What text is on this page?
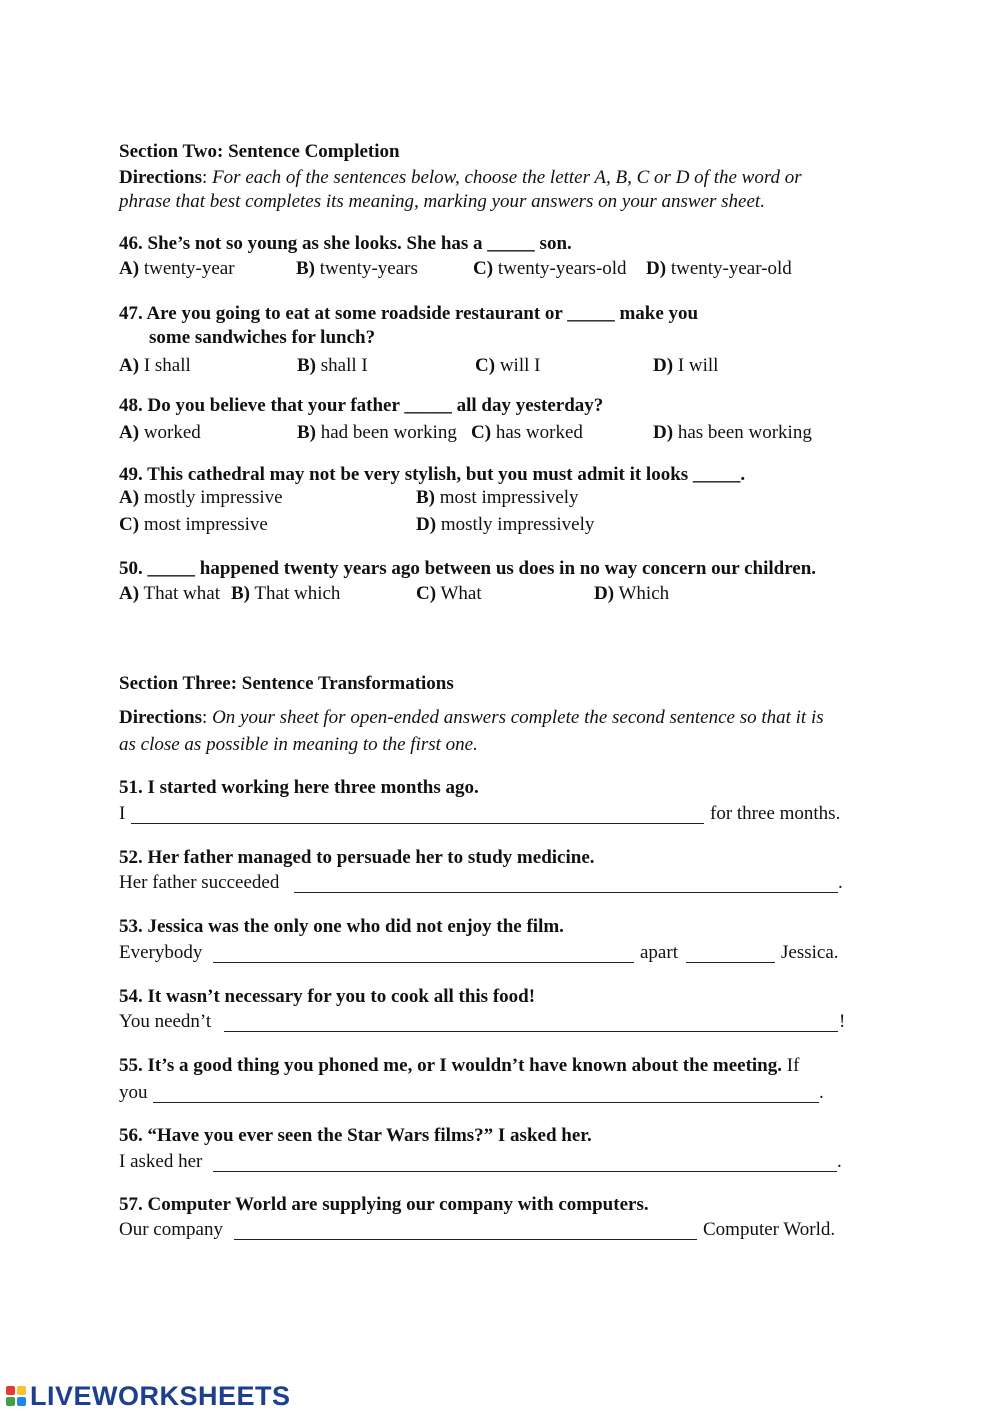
Section Two: Sentence Completion
Directions: For each of the sentences below, choose the letter A, B, C or D of the word or
phrase that best completes its meaning, marking your answers on your answer sheet.
46. She’s not so young as she looks. She has a _____ son.
A) twenty-year	B) twenty-years	C) twenty-years-old D) twenty-year-old
47. Are you going to eat at some roadside restaurant or _____ make you
some sandwiches for lunch?
A) I shall	B) shall I	C) will I	D) I will
48. Do you believe that your father _____ all day yesterday?
A) worked	B) had been working C) has worked	D) has been working
49. This cathedral may not be very stylish, but you must admit it looks _____.
A) mostly impressive	B) most impressively
C) most impressive	D) mostly impressively
50. _____ happened twenty years ago between us does in no way concern our children.
A) That what B) That which	C) What	D) Which
Section Three: Sentence Transformations
Directions: On your sheet for open-ended answers complete the second sentence so that it is
as close as possible in meaning to the first one.
51. I started working here three months ago.
I	for three months.
52. Her father managed to persuade her to study medicine.
Her father succeeded	.
53. Jessica was the only one who did not enjoy the film.
Everybody	apart	Jessica.
54. It wasn’t necessary for you to cook all this food!
You needn’t	!
55. It’s a good thing you phoned me, or I wouldn’t have known about the meeting. If
you	.
56. “Have you ever seen the Star Wars films?” I asked her.
I asked her	.
57. Computer World are supplying our company with computers.
Our company	Computer World.
LIVEWORKSHEETS
